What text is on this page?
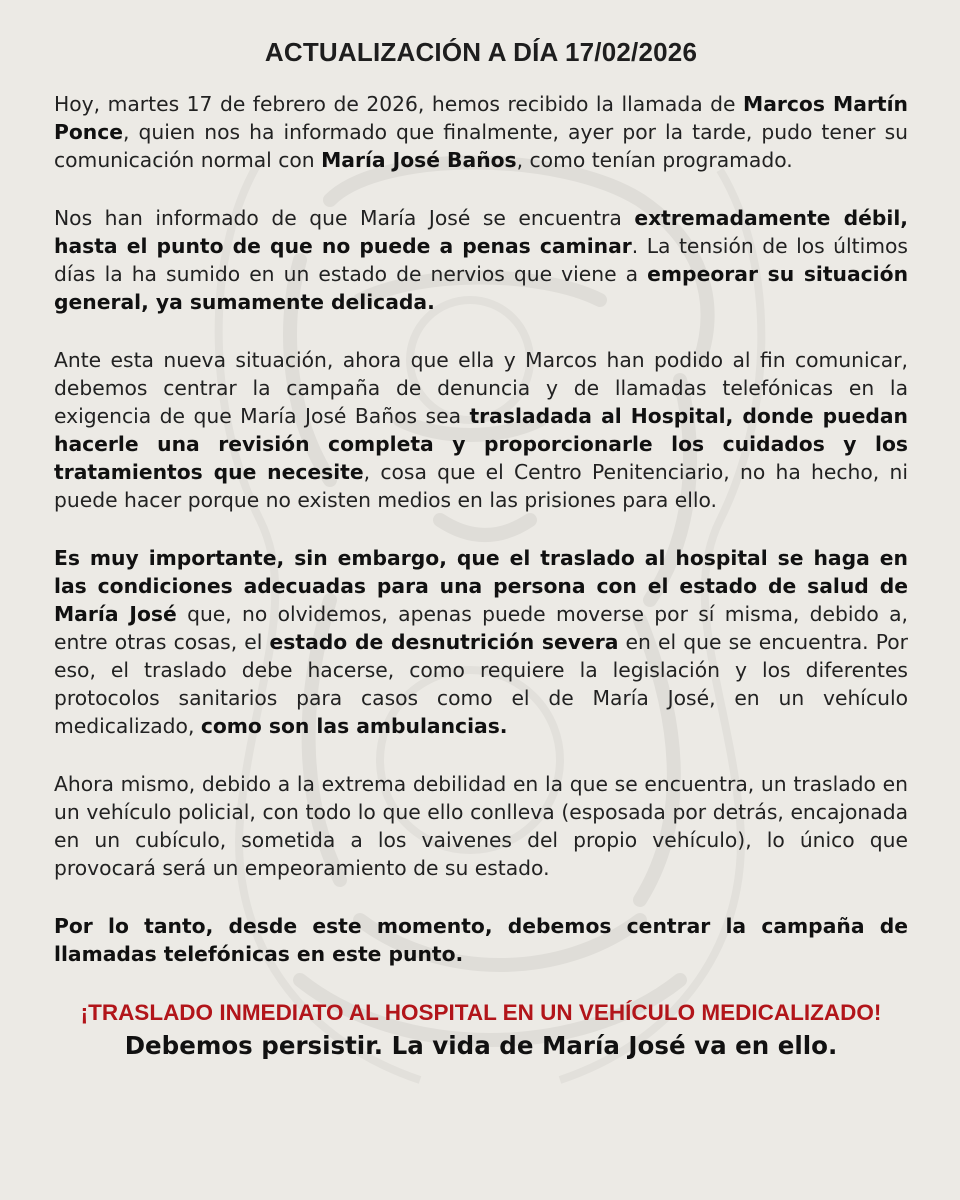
ACTUALIZACIÓN A DÍA 17/02/2026

Hoy, martes 17 de febrero de 2026, hemos recibido la llamada de Marcos Martín Ponce, quien nos ha informado que finalmente, ayer por la tarde, pudo tener su comunicación normal con María José Baños, como tenían programado.

Nos han informado de que María José se encuentra extremadamente débil, hasta el punto de que no puede a penas caminar. La tensión de los últimos días la ha sumido en un estado de nervios que viene a empeorar su situación general, ya sumamente delicada.

Ante esta nueva situación, ahora que ella y Marcos han podido al fin comunicar, debemos centrar la campaña de denuncia y de llamadas telefónicas en la exigencia de que María José Baños sea trasladada al Hospital, donde puedan hacerle una revisión completa y proporcionarle los cuidados y los tratamientos que necesite, cosa que el Centro Penitenciario, no ha hecho, ni puede hacer porque no existen medios en las prisiones para ello.

Es muy importante, sin embargo, que el traslado al hospital se haga en las condiciones adecuadas para una persona con el estado de salud de María José que, no olvidemos, apenas puede moverse por sí misma, debido a, entre otras cosas, el estado de desnutrición severa en el que se encuentra. Por eso, el traslado debe hacerse, como requiere la legislación y los diferentes protocolos sanitarios para casos como el de María José, en un vehículo medicalizado, como son las ambulancias.

Ahora mismo, debido a la extrema debilidad en la que se encuentra, un traslado en un vehículo policial, con todo lo que ello conlleva (esposada por detrás, encajonada en un cubículo, sometida a los vaivenes del propio vehículo), lo único que provocará será un empeoramiento de su estado.

Por lo tanto, desde este momento, debemos centrar la campaña de llamadas telefónicas en este punto.

¡TRASLADO INMEDIATO AL HOSPITAL EN UN VEHÍCULO MEDICALIZADO!
Debemos persistir. La vida de María José va en ello.
